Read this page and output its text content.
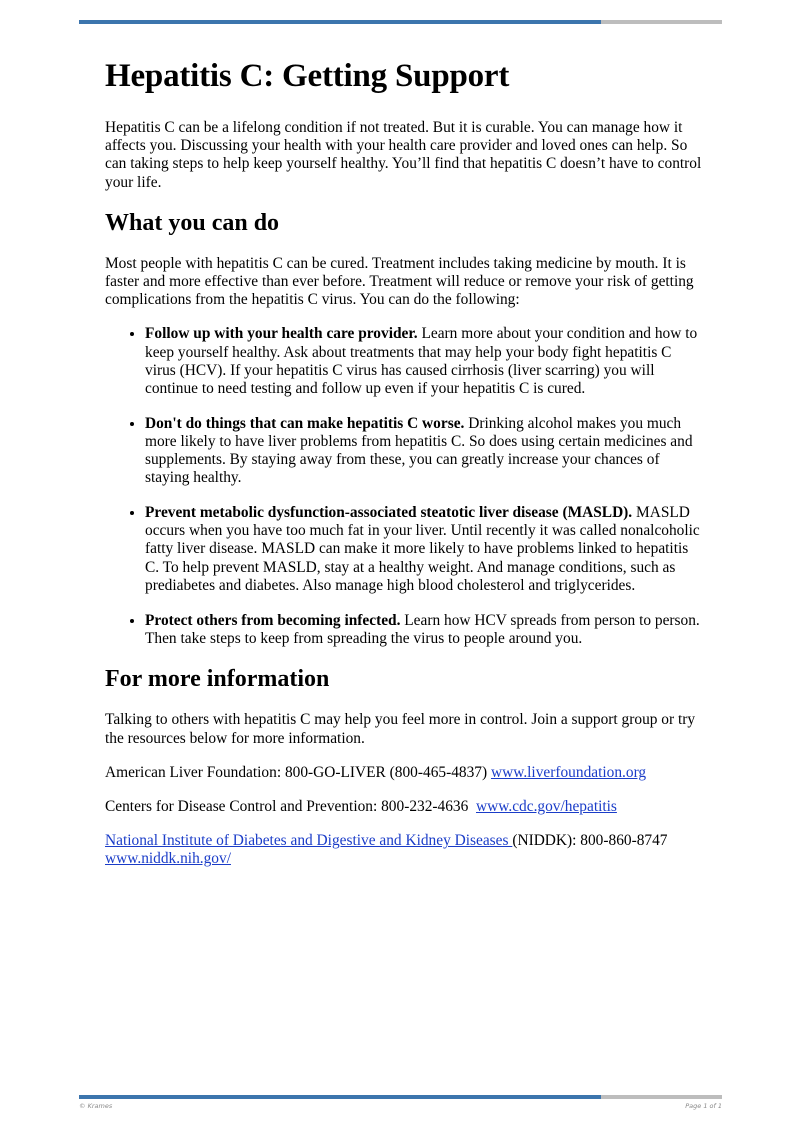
Hepatitis C: Getting Support

Hepatitis C can be a lifelong condition if not treated. But it is curable. You can manage how it affects you. Discussing your health with your health care provider and loved ones can help. So can taking steps to help keep yourself healthy. You’ll find that hepatitis C doesn’t have to control your life.

What you can do

Most people with hepatitis C can be cured. Treatment includes taking medicine by mouth. It is faster and more effective than ever before. Treatment will reduce or remove your risk of getting complications from the hepatitis C virus. You can do the following:

• Follow up with your health care provider. Learn more about your condition and how to keep yourself healthy. Ask about treatments that may help your body fight hepatitis C virus (HCV). If your hepatitis C virus has caused cirrhosis (liver scarring) you will continue to need testing and follow up even if your hepatitis C is cured.
• Don't do things that can make hepatitis C worse. Drinking alcohol makes you much more likely to have liver problems from hepatitis C. So does using certain medicines and supplements. By staying away from these, you can greatly increase your chances of staying healthy.
• Prevent metabolic dysfunction-associated steatotic liver disease (MASLD). MASLD occurs when you have too much fat in your liver. Until recently it was called nonalcoholic fatty liver disease. MASLD can make it more likely to have problems linked to hepatitis C. To help prevent MASLD, stay at a healthy weight. And manage conditions, such as prediabetes and diabetes. Also manage high blood cholesterol and triglycerides.
• Protect others from becoming infected. Learn how HCV spreads from person to person. Then take steps to keep from spreading the virus to people around you.
For more information

Talking to others with hepatitis C may help you feel more in control. Join a support group or try the resources below for more information.

American Liver Foundation: 800-GO-LIVER (800-465-4837) www.liverfoundation.org

Centers for Disease Control and Prevention: 800-232-4636  www.cdc.gov/hepatitis

National Institute of Diabetes and Digestive and Kidney Diseases (NIDDK): 800-860-8747
www.niddk.nih.gov/

© Krames	Page 1 of 1
